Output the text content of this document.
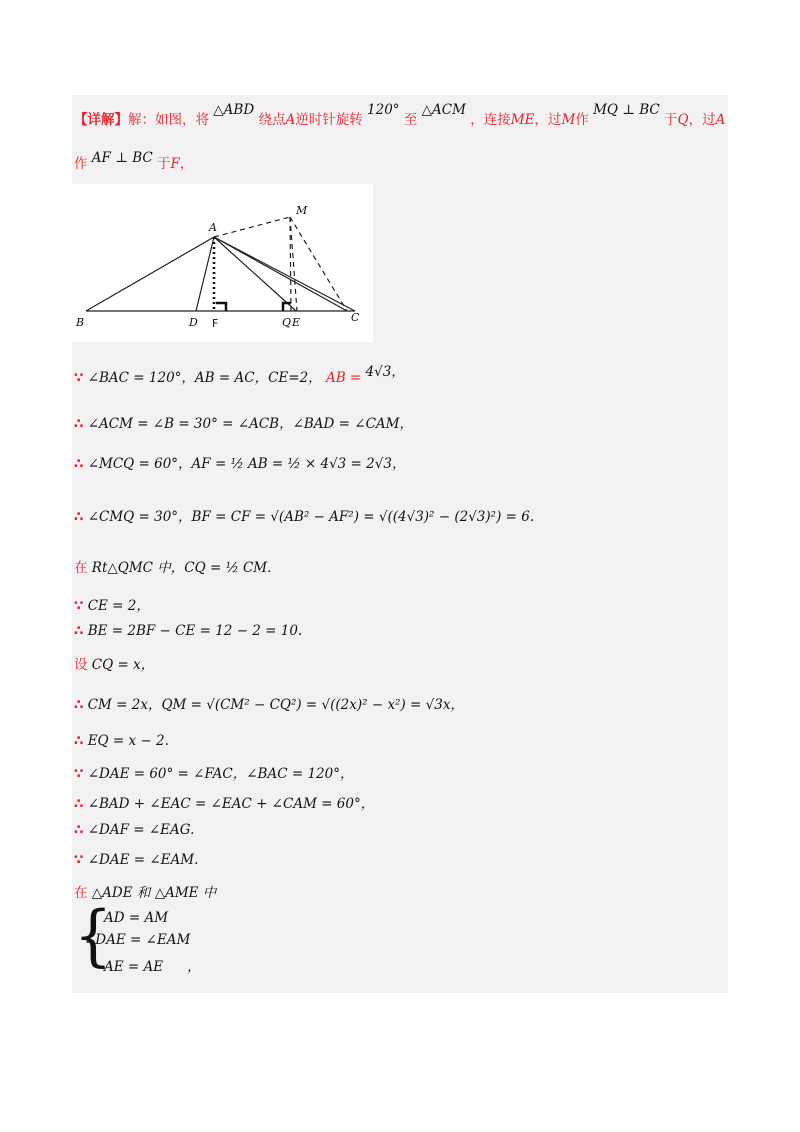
【详解】解：如图，将 △ABD 绕点A逆时针旋转 120° 至 △ACM ，连接ME，过M作 MQ ⊥ BC 于Q，过A
作 AF ⊥ BC 于F，
A
M
B	D	Q E	C
F
∵ ∠BAC = 120°，AB = AC，CE=2， AB = 4√3，
∴ ∠ACM = ∠B = 30° = ∠ACB，∠BAD = ∠CAM，
∴ ∠MCQ = 60°，AF = ½ AB = ½ × 4√3 = 2√3，
∴ ∠CMQ = 30°，BF = CF = √(AB² − AF²) = √((4√3)² − (2√3)²) = 6.
在 Rt△QMC 中，CQ = ½ CM.
∵ CE = 2，
∴ BE = 2BF − CE = 12 − 2 = 10.
设 CQ = x，
∴ CM = 2x，QM = √(CM² − CQ²) = √((2x)² − x²) = √3x，
∴ EQ = x − 2.
∵ ∠DAE = 60° = ∠FAC，∠BAC = 120°，
∴ ∠BAD + ∠EAC = ∠EAC + ∠CAM = 60°，
∴ ∠DAF = ∠EAG.
∵ ∠DAE = ∠EAM.
在 △ADE 和 △AME 中
{
AD = AM
∠DAE = ∠EAM
AE = AE ，
